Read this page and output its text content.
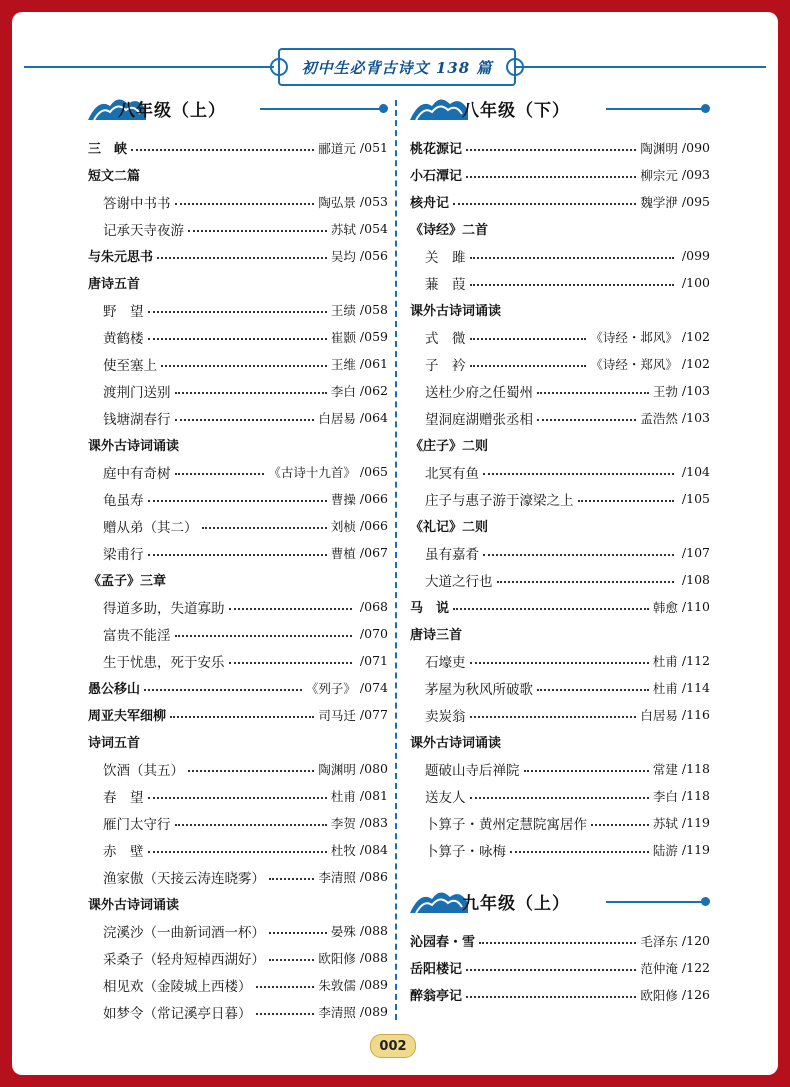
初中生必背古诗文 138 篇
八年级（上）
三　峡	郦道元 /051
短文二篇
答谢中书书	陶弘景 /053
记承天寺夜游	苏轼 /054
与朱元思书	吴均 /056
唐诗五首
野　望	王绩 /058
黄鹤楼	崔颢 /059
使至塞上	王维 /061
渡荆门送别	李白 /062
钱塘湖春行	白居易 /064
课外古诗词诵读
庭中有奇树	《古诗十九首》 /065
龟虽寿	曹操 /066
赠从弟（其二）	刘桢 /066
梁甫行	曹植 /067
《孟子》三章
得道多助，失道寡助	/068
富贵不能淫	/070
生于忧患，死于安乐	/071
愚公移山	《列子》 /074
周亚夫军细柳	司马迁 /077
诗词五首
饮酒（其五）	陶渊明 /080
春　望	杜甫 /081
雁门太守行	李贺 /083
赤　壁	杜牧 /084
渔家傲（天接云涛连晓雾）	李清照 /086
课外古诗词诵读
浣溪沙（一曲新词酒一杯）	晏殊 /088
采桑子（轻舟短棹西湖好）	欧阳修 /088
相见欢（金陵城上西楼）	朱敦儒 /089
如梦令（常记溪亭日暮）	李清照 /089
八年级（下）
桃花源记	陶渊明 /090
小石潭记	柳宗元 /093
核舟记	魏学洢 /095
《诗经》二首
关　雎	/099
蒹　葭	/100
课外古诗词诵读
式　微	《诗经・邶风》 /102
子　衿	《诗经・郑风》 /102
送杜少府之任蜀州	王勃 /103
望洞庭湖赠张丞相	孟浩然 /103
《庄子》二则
北冥有鱼	/104
庄子与惠子游于濠梁之上	/105
《礼记》二则
虽有嘉肴	/107
大道之行也	/108
马　说	韩愈 /110
唐诗三首
石壕吏	杜甫 /112
茅屋为秋风所破歌	杜甫 /114
卖炭翁	白居易 /116
课外古诗词诵读
题破山寺后禅院	常建 /118
送友人	李白 /118
卜算子・黄州定慧院寓居作	苏轼 /119
卜算子・咏梅	陆游 /119
九年级（上）
沁园春・雪	毛泽东 /120
岳阳楼记	范仲淹 /122
醉翁亭记	欧阳修 /126
002
